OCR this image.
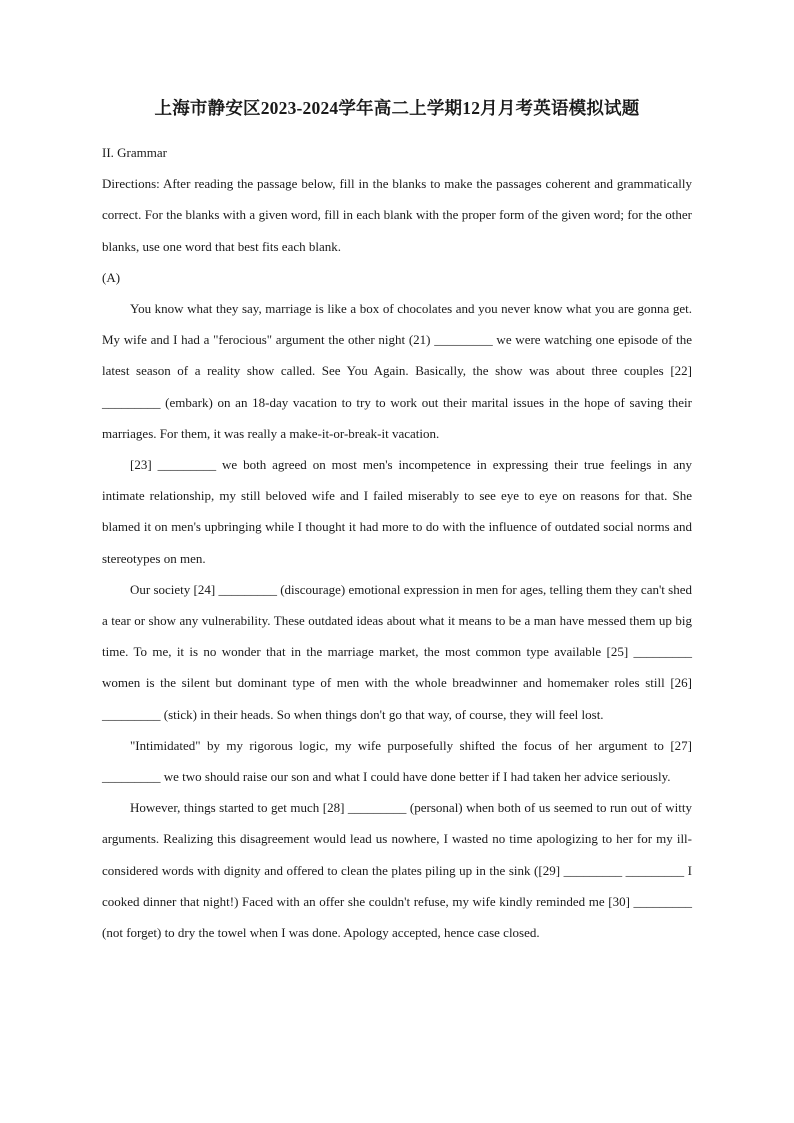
上海市静安区2023-2024学年高二上学期12月月考英语模拟试题

II. Grammar

Directions: After reading the passage below, fill in the blanks to make the passages coherent and grammatically correct. For the blanks with a given word, fill in each blank with the proper form of the given word; for the other blanks, use one word that best fits each blank.

(A)

You know what they say, marriage is like a box of chocolates and you never know what you are gonna get. My wife and I had a "ferocious" argument the other night (21) _________ we were watching one episode of the latest season of a reality show called. See You Again. Basically, the show was about three couples [22] _________ (embark) on an 18-day vacation to try to work out their marital issues in the hope of saving their marriages. For them, it was really a make-it-or-break-it vacation.

[23] _________ we both agreed on most men's incompetence in expressing their true feelings in any intimate relationship, my still beloved wife and I failed miserably to see eye to eye on reasons for that. She blamed it on men's upbringing while I thought it had more to do with the influence of outdated social norms and stereotypes on men.

Our society [24] _________ (discourage) emotional expression in men for ages, telling them they can't shed a tear or show any vulnerability. These outdated ideas about what it means to be a man have messed them up big time. To me, it is no wonder that in the marriage market, the most common type available [25] _________ women is the silent but dominant type of men with the whole breadwinner and homemaker roles still [26] _________ (stick) in their heads. So when things don't go that way, of course, they will feel lost.

"Intimidated" by my rigorous logic, my wife purposefully shifted the focus of her argument to [27] _________ we two should raise our son and what I could have done better if I had taken her advice seriously.

However, things started to get much [28] _________ (personal) when both of us seemed to run out of witty arguments. Realizing this disagreement would lead us nowhere, I wasted no time apologizing to her for my ill-considered words with dignity and offered to clean the plates piling up in the sink ([29] _________ _________ I cooked dinner that night!) Faced with an offer she couldn't refuse, my wife kindly reminded me [30] _________ (not forget) to dry the towel when I was done. Apology accepted, hence case closed.
